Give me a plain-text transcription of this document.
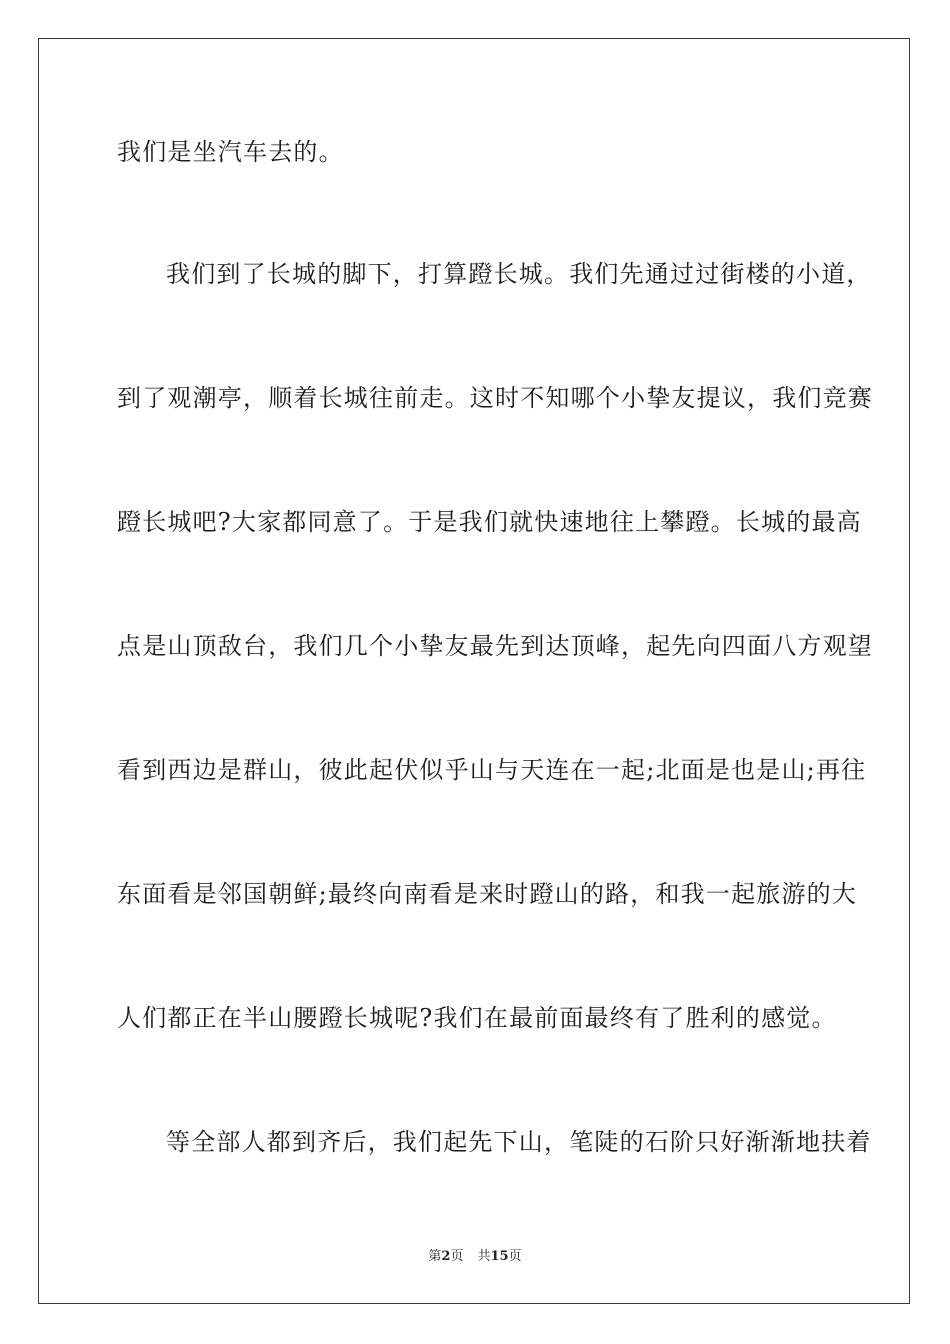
我们是坐汽车去的。
我们到了长城的脚下，打算蹬长城。我们先通过过街楼的小道，
到了观潮亭，顺着长城往前走。这时不知哪个小挚友提议，我们竞赛
蹬长城吧?大家都同意了。于是我们就快速地往上攀蹬。长城的最高
点是山顶敌台，我们几个小挚友最先到达顶峰，起先向四面八方观望
看到西边是群山，彼此起伏似乎山与天连在一起;北面是也是山;再往
东面看是邻国朝鲜;最终向南看是来时蹬山的路，和我一起旅游的大
人们都正在半山腰蹬长城呢?我们在最前面最终有了胜利的感觉。
等全部人都到齐后，我们起先下山，笔陡的石阶只好渐渐地扶着
第2页 共15页
